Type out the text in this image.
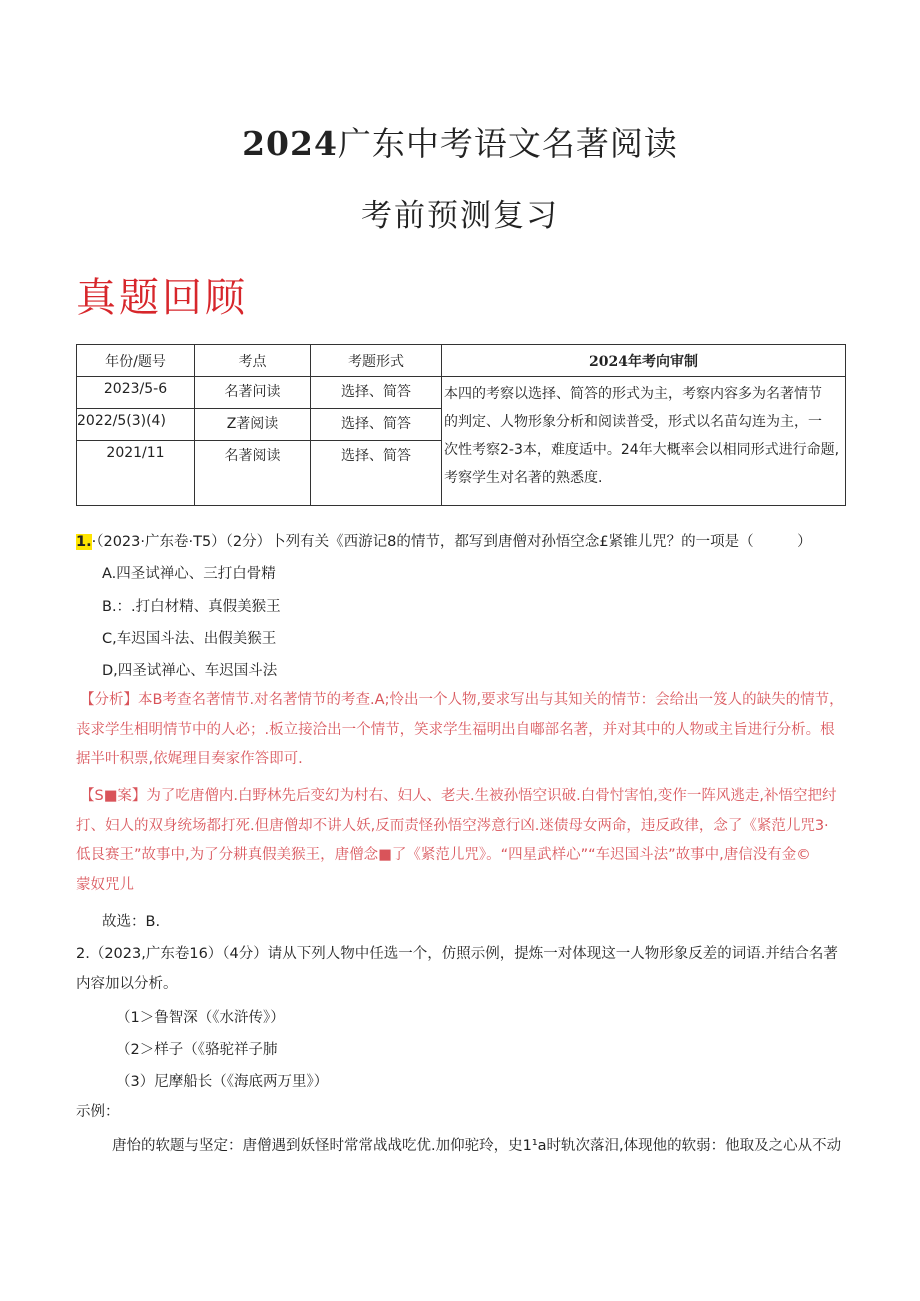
2024广东中考语文名著阅读
考前预测复习
真题回顾
年份/题号	考点	考题形式	2024年考向审制
2023/5-6	名著问读	选择、简答	本四的考察以选择、简答的形式为主，考察内容多为名著情节
的判定、人物形象分析和阅读普受，形式以名苗勾连为主，一
次性考察2-3本，难度适中。24年大概率会以相同形式进行命题,
考察学生对名著的熟悉度.

2022/5(3)(4)	Z著阅读	选择、简答	
2021/11	名著阅读	选择、简答	
1.·（2023·广东卷·T5）（2分）卜列有关《西游记8的情节，都写到唐僧对孙悟空念£紧锥儿咒？的一项是（　　　）
A.四圣试禅心、三打白骨精
B.：.打白材精、真假美猴王
C,车迟国斗法、出假美猴王
D,四圣试禅心、车迟国斗法
【分析】本B考查名著情节.对名著情节的考查.A;怜出一个人物,要求写出与其知关的情节：会给出一笈人的缺失的情节，
丧求学生相明情节中的人必；.板立接洽出一个情节，笑求学生福明出自嘟部名著，并对其中的人物或主旨进行分析。根
据半叶积票,依娓理目奏家作答即可.
【S■案】为了吃唐僧内.白野林先后变幻为村右、妇人、老夫.生被孙悟空识破.白骨忖害怕,变作一阵风逃走,补悟空把纣
打、妇人的双身统场都打死.但唐僧却不讲人妖,反而责怪孙悟空涔意行凶.迷债母女两命，违反政律，念了《紧范儿咒3·
低艮赛王”故事中,为了分耕真假美猴王，唐僧念■了《紧范儿咒》。“四星武样心”“车迟国斗法”故事中,唐信没有金©
蒙奴咒儿
故选：B.
2.（2023,广东卷16）（4分）请从下列人物中任选一个，仿照示例，提炼一对体现这一人物形象反差的词语.并结合名著
内容加以分析。
（1＞鲁智深（《水浒传》）
（2＞样子（《骆驼祥子肺
（3）尼摩船长（《海底两万里》）
示例：
唐怡的软题与坚定：唐僧遇到妖怪时常常战战吃优.加仰驼玲，史1¹a时轨次落汨,体现他的软弱：他取及之心从不动
